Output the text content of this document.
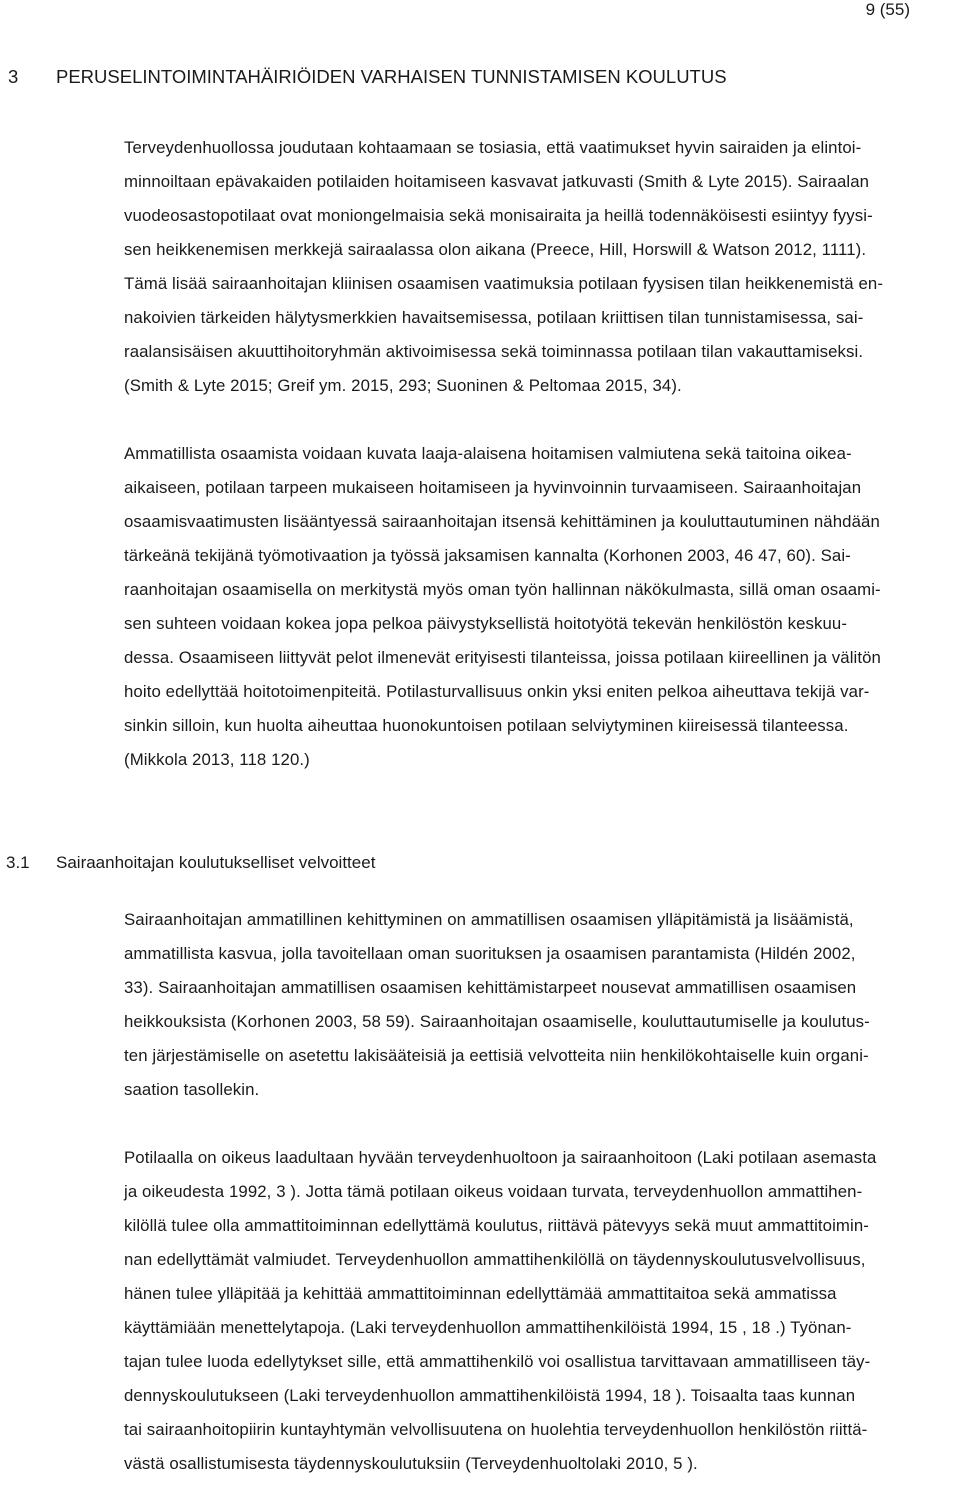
9 (55)
3 PERUSELINTOIMINTAHÄIRIÖIDEN VARHAISEN TUNNISTAMISEN KOULUTUS
Terveydenhuollossa joudutaan kohtaamaan se tosiasia, että vaatimukset hyvin sairaiden ja elintoi-
minnoiltaan epävakaiden potilaiden hoitamiseen kasvavat jatkuvasti (Smith & Lyte 2015). Sairaalan
vuodeosastopotilaat ovat moniongelmaisia sekä monisairaita ja heillä todennäköisesti esiintyy fyysi-
sen heikkenemisen merkkejä sairaalassa olon aikana (Preece, Hill, Horswill & Watson 2012, 1111).
Tämä lisää sairaanhoitajan kliinisen osaamisen vaatimuksia potilaan fyysisen tilan heikkenemistä en-
nakoivien tärkeiden hälytysmerkkien havaitsemisessa, potilaan kriittisen tilan tunnistamisessa, sai-
raalansisäisen akuuttihoitoryhmän aktivoimisessa sekä toiminnassa potilaan tilan vakauttamiseksi.
(Smith & Lyte 2015; Greif ym. 2015, 293; Suoninen & Peltomaa 2015, 34).
Ammatillista osaamista voidaan kuvata laaja-alaisena hoitamisen valmiutena sekä taitoina oikea-
aikaiseen, potilaan tarpeen mukaiseen hoitamiseen ja hyvinvoinnin turvaamiseen. Sairaanhoitajan
osaamisvaatimusten lisääntyessä sairaanhoitajan itsensä kehittäminen ja kouluttautuminen nähdään
tärkeänä tekijänä työmotivaation ja työssä jaksamisen kannalta (Korhonen 2003, 46 47, 60). Sai-
raanhoitajan osaamisella on merkitystä myös oman työn hallinnan näkökulmasta, sillä oman osaami-
sen suhteen voidaan kokea jopa pelkoa päivystyksellistä hoitotyötä tekevän henkilöstön keskuu-
dessa. Osaamiseen liittyvät pelot ilmenevät erityisesti tilanteissa, joissa potilaan kiireellinen ja välitön
hoito edellyttää hoitotoimenpiteitä. Potilasturvallisuus onkin yksi eniten pelkoa aiheuttava tekijä var-
sinkin silloin, kun huolta aiheuttaa huonokuntoisen potilaan selviytyminen kiireisessä tilanteessa.
(Mikkola 2013, 118 120.)
3.1 Sairaanhoitajan koulutukselliset velvoitteet
Sairaanhoitajan ammatillinen kehittyminen on ammatillisen osaamisen ylläpitämistä ja lisäämistä,
ammatillista kasvua, jolla tavoitellaan oman suorituksen ja osaamisen parantamista (Hildén 2002,
33). Sairaanhoitajan ammatillisen osaamisen kehittämistarpeet nousevat ammatillisen osaamisen
heikkouksista (Korhonen 2003, 58 59). Sairaanhoitajan osaamiselle, kouluttautumiselle ja koulutus-
ten järjestämiselle on asetettu lakisääteisiä ja eettisiä velvotteita niin henkilökohtaiselle kuin organi-
saation tasollekin.
Potilaalla on oikeus laadultaan hyvään terveydenhuoltoon ja sairaanhoitoon (Laki potilaan asemasta
ja oikeudesta 1992, 3 ). Jotta tämä potilaan oikeus voidaan turvata, terveydenhuollon ammattihen-
kilöllä tulee olla ammattitoiminnan edellyttämä koulutus, riittävä pätevyys sekä muut ammattitoimin-
nan edellyttämät valmiudet. Terveydenhuollon ammattihenkilöllä on täydennyskoulutusvelvollisuus,
hänen tulee ylläpitää ja kehittää ammattitoiminnan edellyttämää ammattitaitoa sekä ammatissa
käyttämiään menettelytapoja. (Laki terveydenhuollon ammattihenkilöistä 1994, 15 , 18 .) Työnan-
tajan tulee luoda edellytykset sille, että ammattihenkilö voi osallistua tarvittavaan ammatilliseen täy-
dennyskoulutukseen (Laki terveydenhuollon ammattihenkilöistä 1994, 18 ). Toisaalta taas kunnan
tai sairaanhoitopiirin kuntayhtymän velvollisuutena on huolehtia terveydenhuollon henkilöstön riittä-
västä osallistumisesta täydennyskoulutuksiin (Terveydenhuoltolaki 2010, 5 ).
